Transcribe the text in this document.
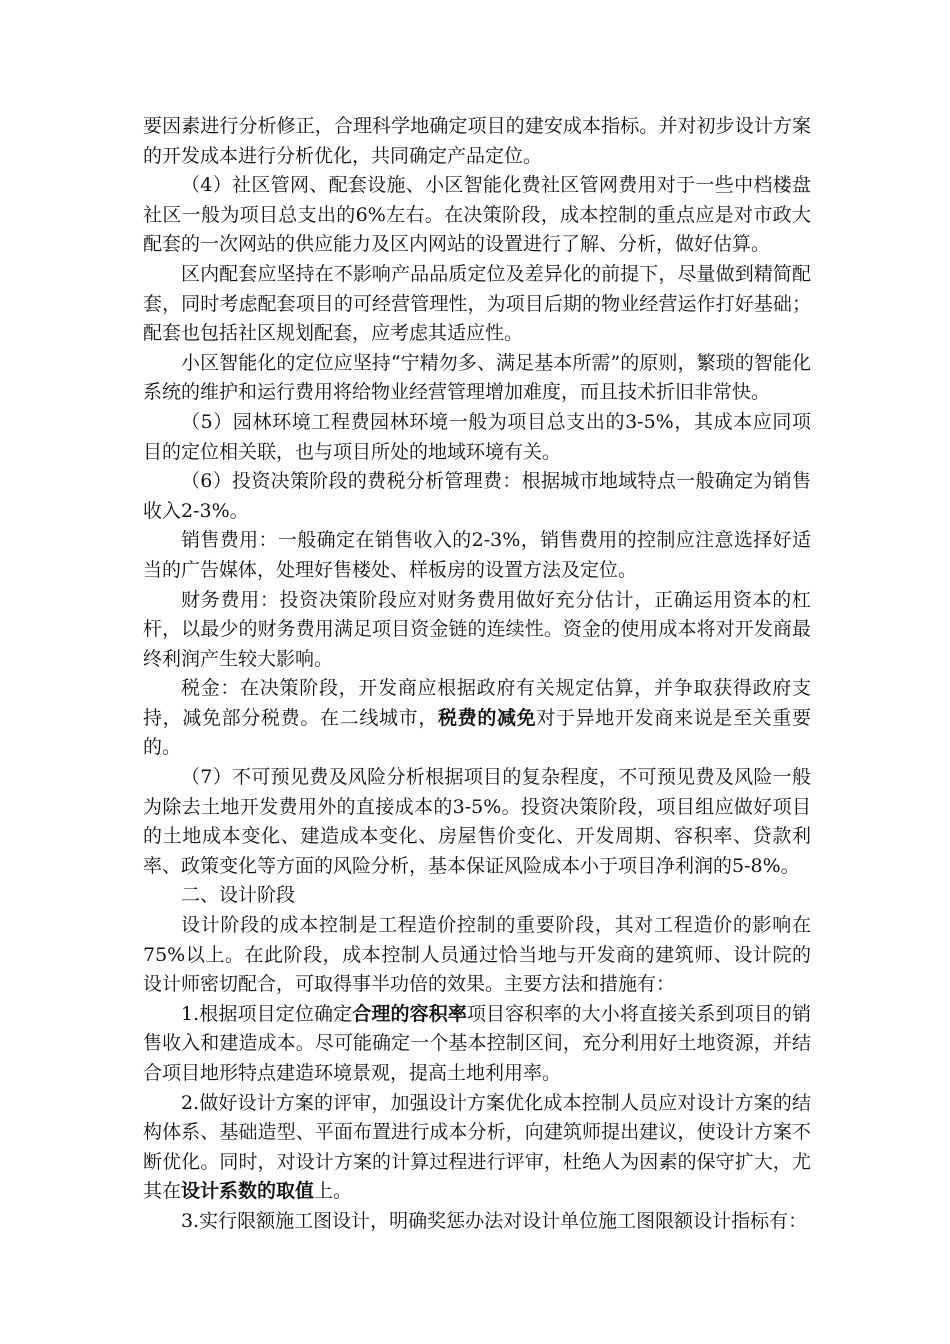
要因素进行分析修正，合理科学地确定项目的建安成本指标。并对初步设计方案的开发成本进行分析优化，共同确定产品定位。

（4）社区管网、配套设施、小区智能化费社区管网费用对于一些中档楼盘社区一般为项目总支出的6%左右。在决策阶段，成本控制的重点应是对市政大配套的一次网站的供应能力及区内网站的设置进行了解、分析，做好估算。

区内配套应坚持在不影响产品品质定位及差异化的前提下，尽量做到精简配套，同时考虑配套项目的可经营管理性，为项目后期的物业经营运作打好基础；配套也包括社区规划配套，应考虑其适应性。

小区智能化的定位应坚持“宁精勿多、满足基本所需”的原则，繁琐的智能化系统的维护和运行费用将给物业经营管理增加难度，而且技术折旧非常快。

（5）园林环境工程费园林环境一般为项目总支出的3-5%，其成本应同项目的定位相关联，也与项目所处的地域环境有关。

（6）投资决策阶段的费税分析管理费：根据城市地域特点一般确定为销售收入2-3%。

销售费用：一般确定在销售收入的2-3%，销售费用的控制应注意选择好适当的广告媒体，处理好售楼处、样板房的设置方法及定位。

财务费用：投资决策阶段应对财务费用做好充分估计，正确运用资本的杠杆，以最少的财务费用满足项目资金链的连续性。资金的使用成本将对开发商最终利润产生较大影响。

税金：在决策阶段，开发商应根据政府有关规定估算，并争取获得政府支持，减免部分税费。在二线城市，税费的减免对于异地开发商来说是至关重要的。

（7）不可预见费及风险分析根据项目的复杂程度，不可预见费及风险一般为除去土地开发费用外的直接成本的3-5%。投资决策阶段，项目组应做好项目的土地成本变化、建造成本变化、房屋售价变化、开发周期、容积率、贷款利率、政策变化等方面的风险分析，基本保证风险成本小于项目净利润的5-8%。

二、设计阶段

设计阶段的成本控制是工程造价控制的重要阶段，其对工程造价的影响在75%以上。在此阶段，成本控制人员通过恰当地与开发商的建筑师、设计院的设计师密切配合，可取得事半功倍的效果。主要方法和措施有：

1.根据项目定位确定合理的容积率项目容积率的大小将直接关系到项目的销售收入和建造成本。尽可能确定一个基本控制区间，充分利用好土地资源，并结合项目地形特点建造环境景观，提高土地利用率。

2.做好设计方案的评审，加强设计方案优化成本控制人员应对设计方案的结构体系、基础造型、平面布置进行成本分析，向建筑师提出建议，使设计方案不断优化。同时，对设计方案的计算过程进行评审，杜绝人为因素的保守扩大，尤其在设计系数的取值上。

3.实行限额施工图设计，明确奖惩办法对设计单位施工图限额设计指标有：
